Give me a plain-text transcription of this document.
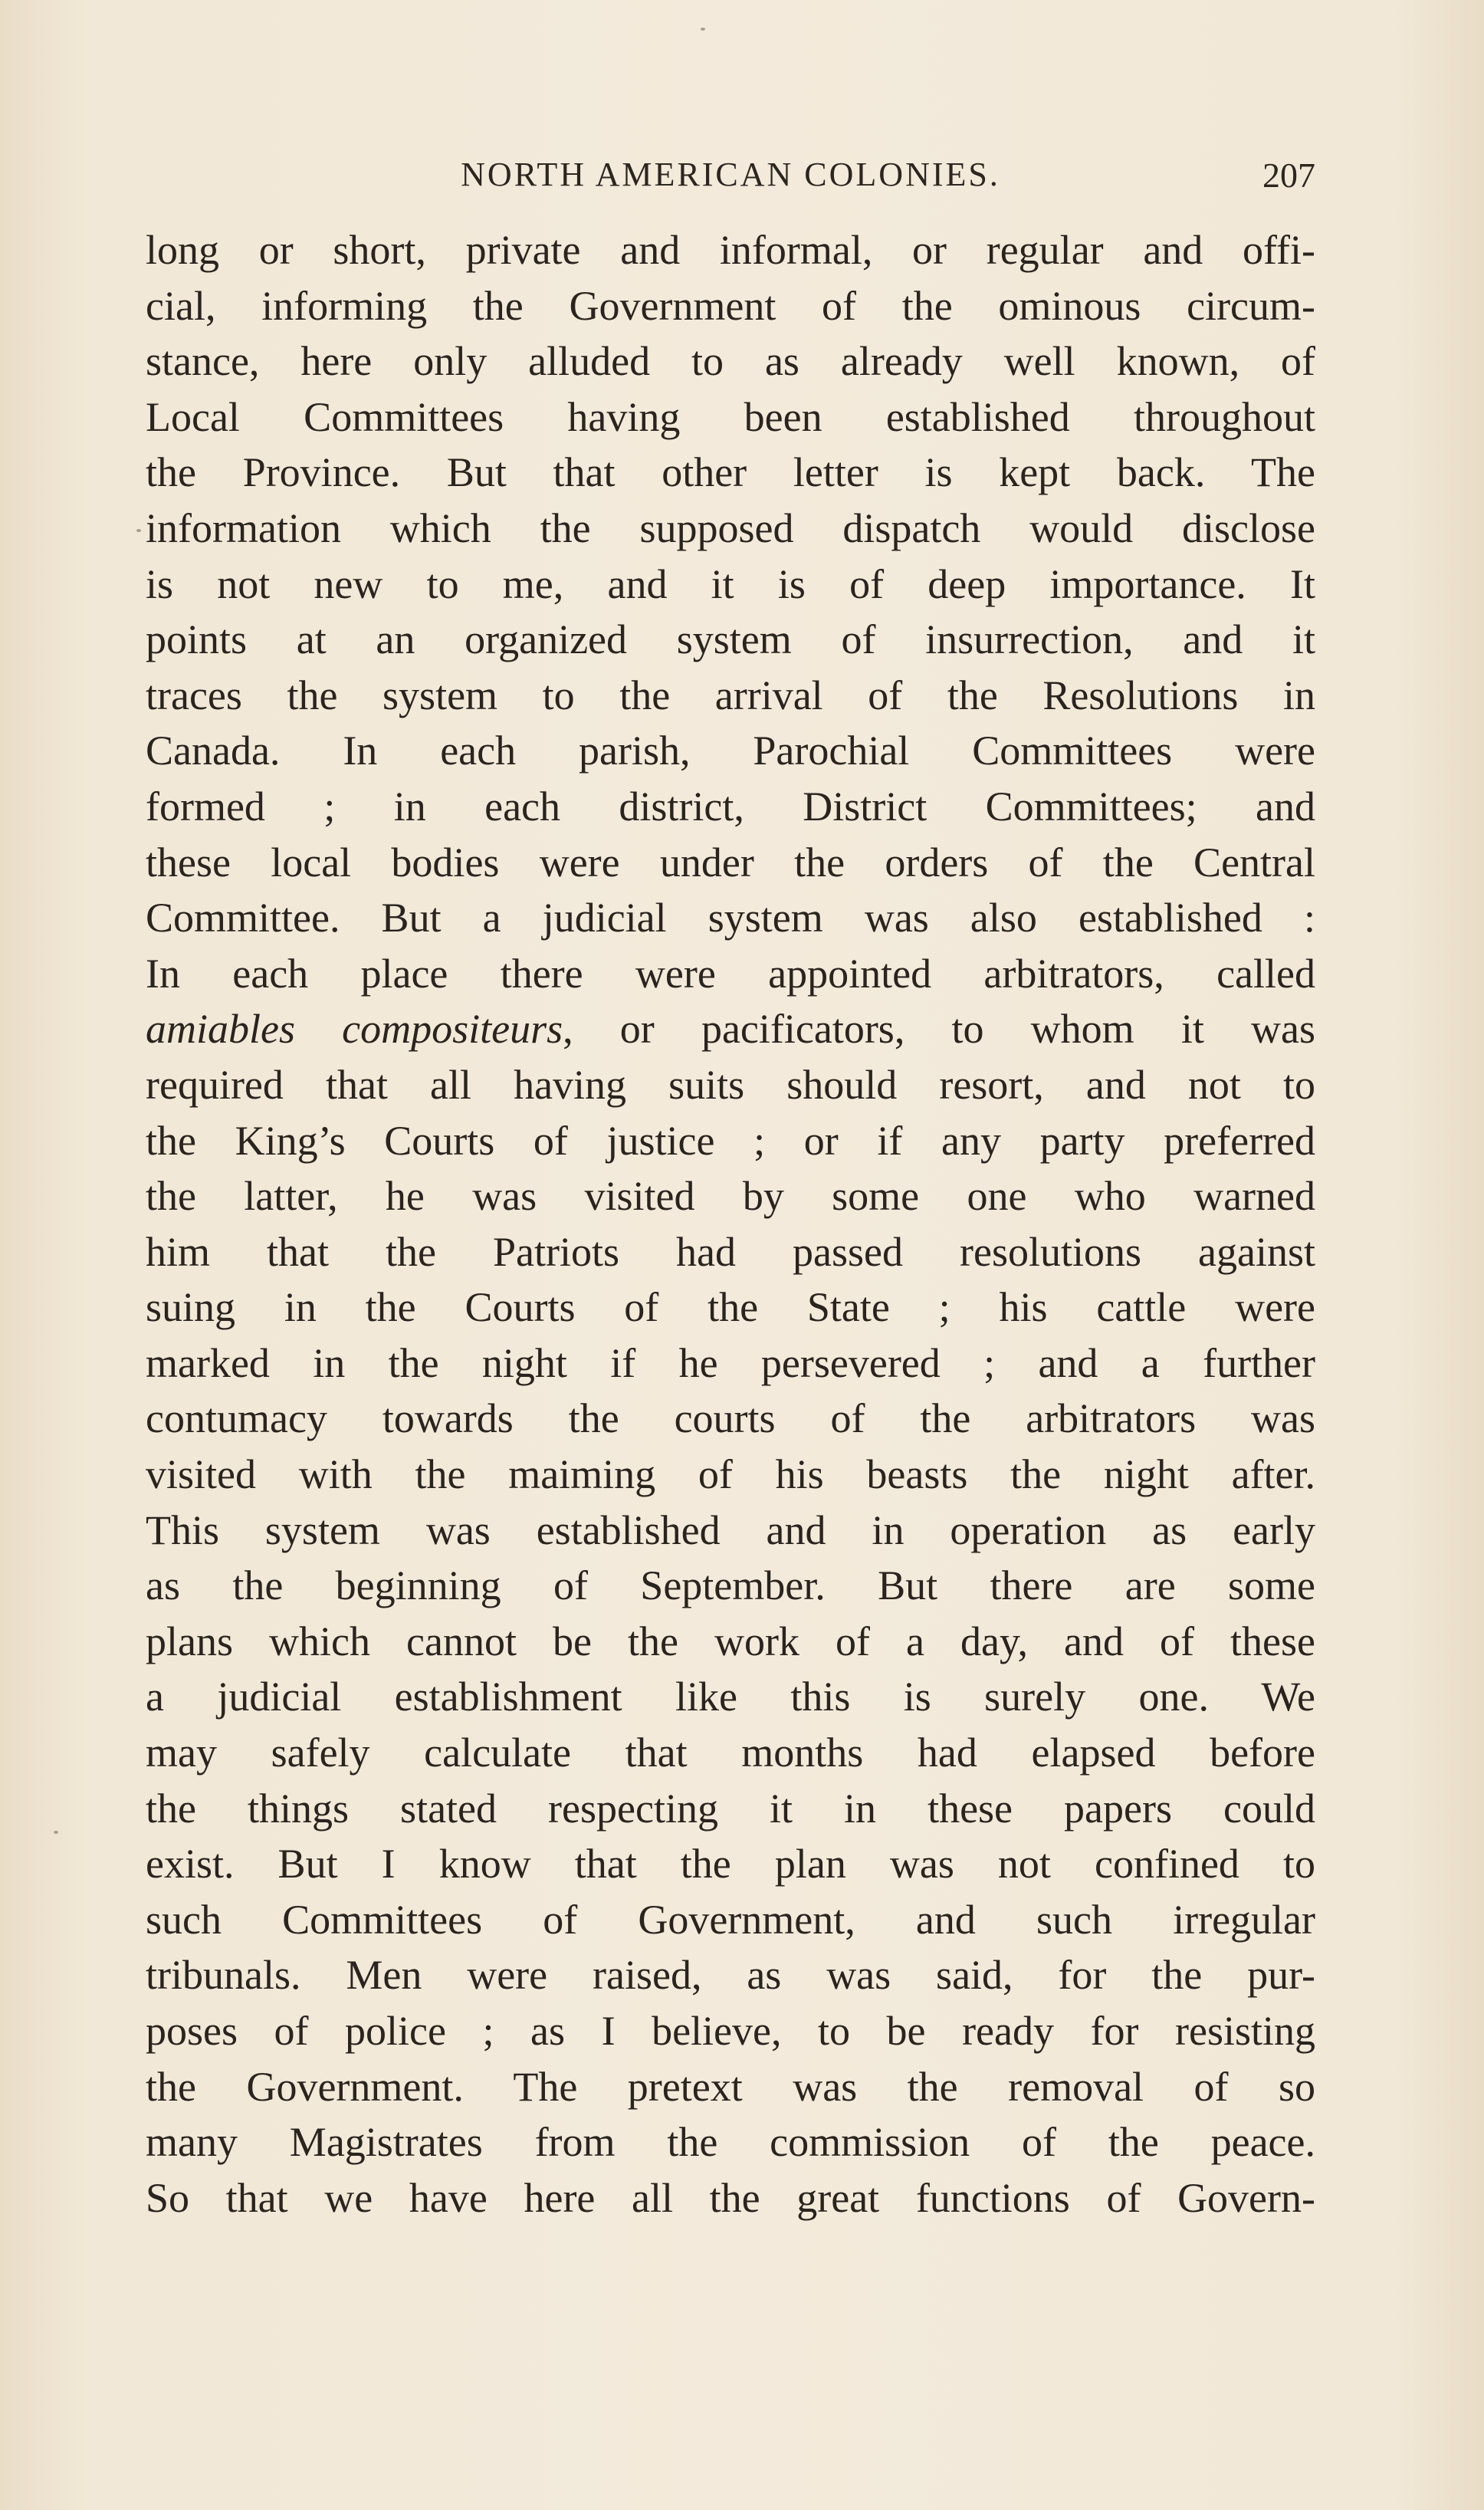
NORTH AMERICAN COLONIES.	207
long or short, private and informal, or regular and offi-
cial, informing the Government of the ominous circum-
stance, here only alluded to as already well known, of
Local Committees having been established throughout
the Province. But that other letter is kept back. The
information which the supposed dispatch would disclose
is not new to me, and it is of deep importance. It
points at an organized system of insurrection, and it
traces the system to the arrival of the Resolutions in
Canada. In each parish, Parochial Committees were
formed ; in each district, District Committees; and
these local bodies were under the orders of the Central
Committee. But a judicial system was also established :
In each place there were appointed arbitrators, called
amiables compositeurs, or pacificators, to whom it was
required that all having suits should resort, and not to
the King’s Courts of justice ; or if any party preferred
the latter, he was visited by some one who warned
him that the Patriots had passed resolutions against
suing in the Courts of the State ; his cattle were
marked in the night if he persevered ; and a further
contumacy towards the courts of the arbitrators was
visited with the maiming of his beasts the night after.
This system was established and in operation as early
as the beginning of September. But there are some
plans which cannot be the work of a day, and of these
a judicial establishment like this is surely one. We
may safely calculate that months had elapsed before
the things stated respecting it in these papers could
exist. But I know that the plan was not confined to
such Committees of Government, and such irregular
tribunals. Men were raised, as was said, for the pur-
poses of police ; as I believe, to be ready for resisting
the Government. The pretext was the removal of so
many Magistrates from the commission of the peace.
So that we have here all the great functions of Govern-
